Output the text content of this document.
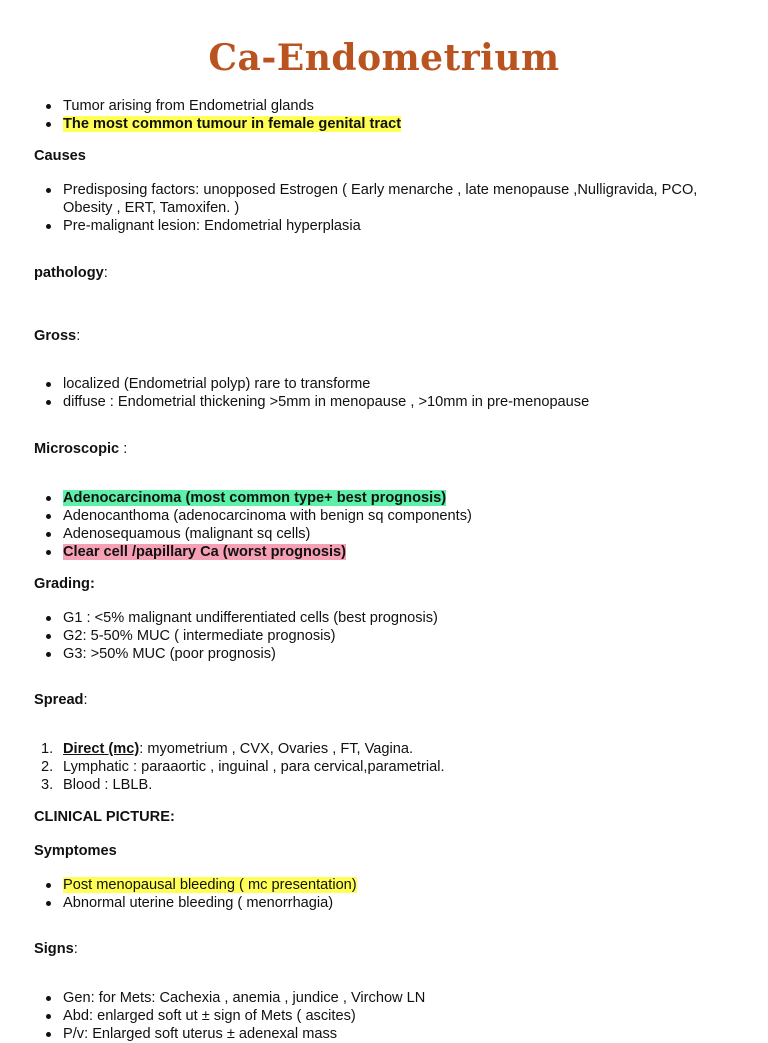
Ca-Endometrium
Tumor arising from Endometrial glands
The most common tumour in female genital tract

Causes

Predisposing factors: unopposed Estrogen ( Early menarche , late menopause ,Nulligravida, PCO, Obesity , ERT, Tamoxifen. )
Pre-malignant lesion: Endometrial hyperplasia

pathology:

Gross:

localized (Endometrial polyp) rare to transforme
diffuse : Endometrial thickening >5mm in menopause , >10mm in pre-menopause

Microscopic :

Adenocarcinoma (most common type+ best prognosis)
Adenocanthoma (adenocarcinoma with benign sq components)
Adenosequamous (malignant sq cells)
Clear cell /papillary Ca (worst prognosis)

Grading:

G1 : <5% malignant undifferentiated cells (best prognosis)
G2: 5-50% MUC ( intermediate prognosis)
G3: >50% MUC (poor prognosis)

Spread:

1. Direct (mc): myometrium , CVX, Ovaries , FT, Vagina.
2. Lymphatic : paraaortic , inguinal , para cervical,parametrial.
3. Blood : LBLB.

CLINICAL PICTURE:

Symptomes

Post menopausal bleeding ( mc presentation)
Abnormal uterine bleeding ( menorrhagia)

Signs:

Gen: for Mets: Cachexia , anemia , jundice , Virchow LN
Abd: enlarged soft ut ± sign of Mets ( ascites)
P/v: Enlarged soft uterus ± adenexal mass
